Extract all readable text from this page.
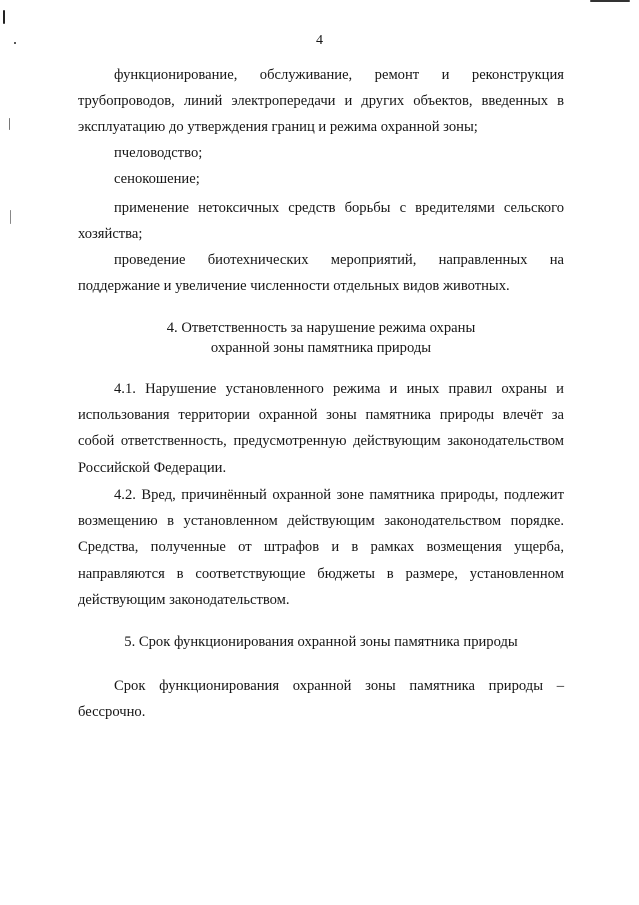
4

функционирование, обслуживание, ремонт и реконструкция

трубопроводов, линий электропередачи и других объектов, введенных в эксплуатацию до утверждения границ и режима охранной зоны;

пчеловодство;

сенокошение;

применение нетоксичных средств борьбы с вредителями сельского хозяйства;

проведение биотехнических мероприятий, направленных на поддержание и увеличение численности отдельных видов животных.

4. Ответственность за нарушение режима охраны
охранной зоны памятника природы

4.1. Нарушение установленного режима и иных правил охраны и использования территории охранной зоны памятника природы влечёт за собой ответственность, предусмотренную действующим законодательством Российской Федерации.

4.2. Вред, причинённый охранной зоне памятника природы, подлежит возмещению в установленном действующим законодательством порядке. Средства, полученные от штрафов и в рамках возмещения ущерба, направляются в соответствующие бюджеты в размере, установленном действующим законодательством.

5. Срок функционирования охранной зоны памятника природы

Срок функционирования охранной зоны памятника природы – бессрочно.
